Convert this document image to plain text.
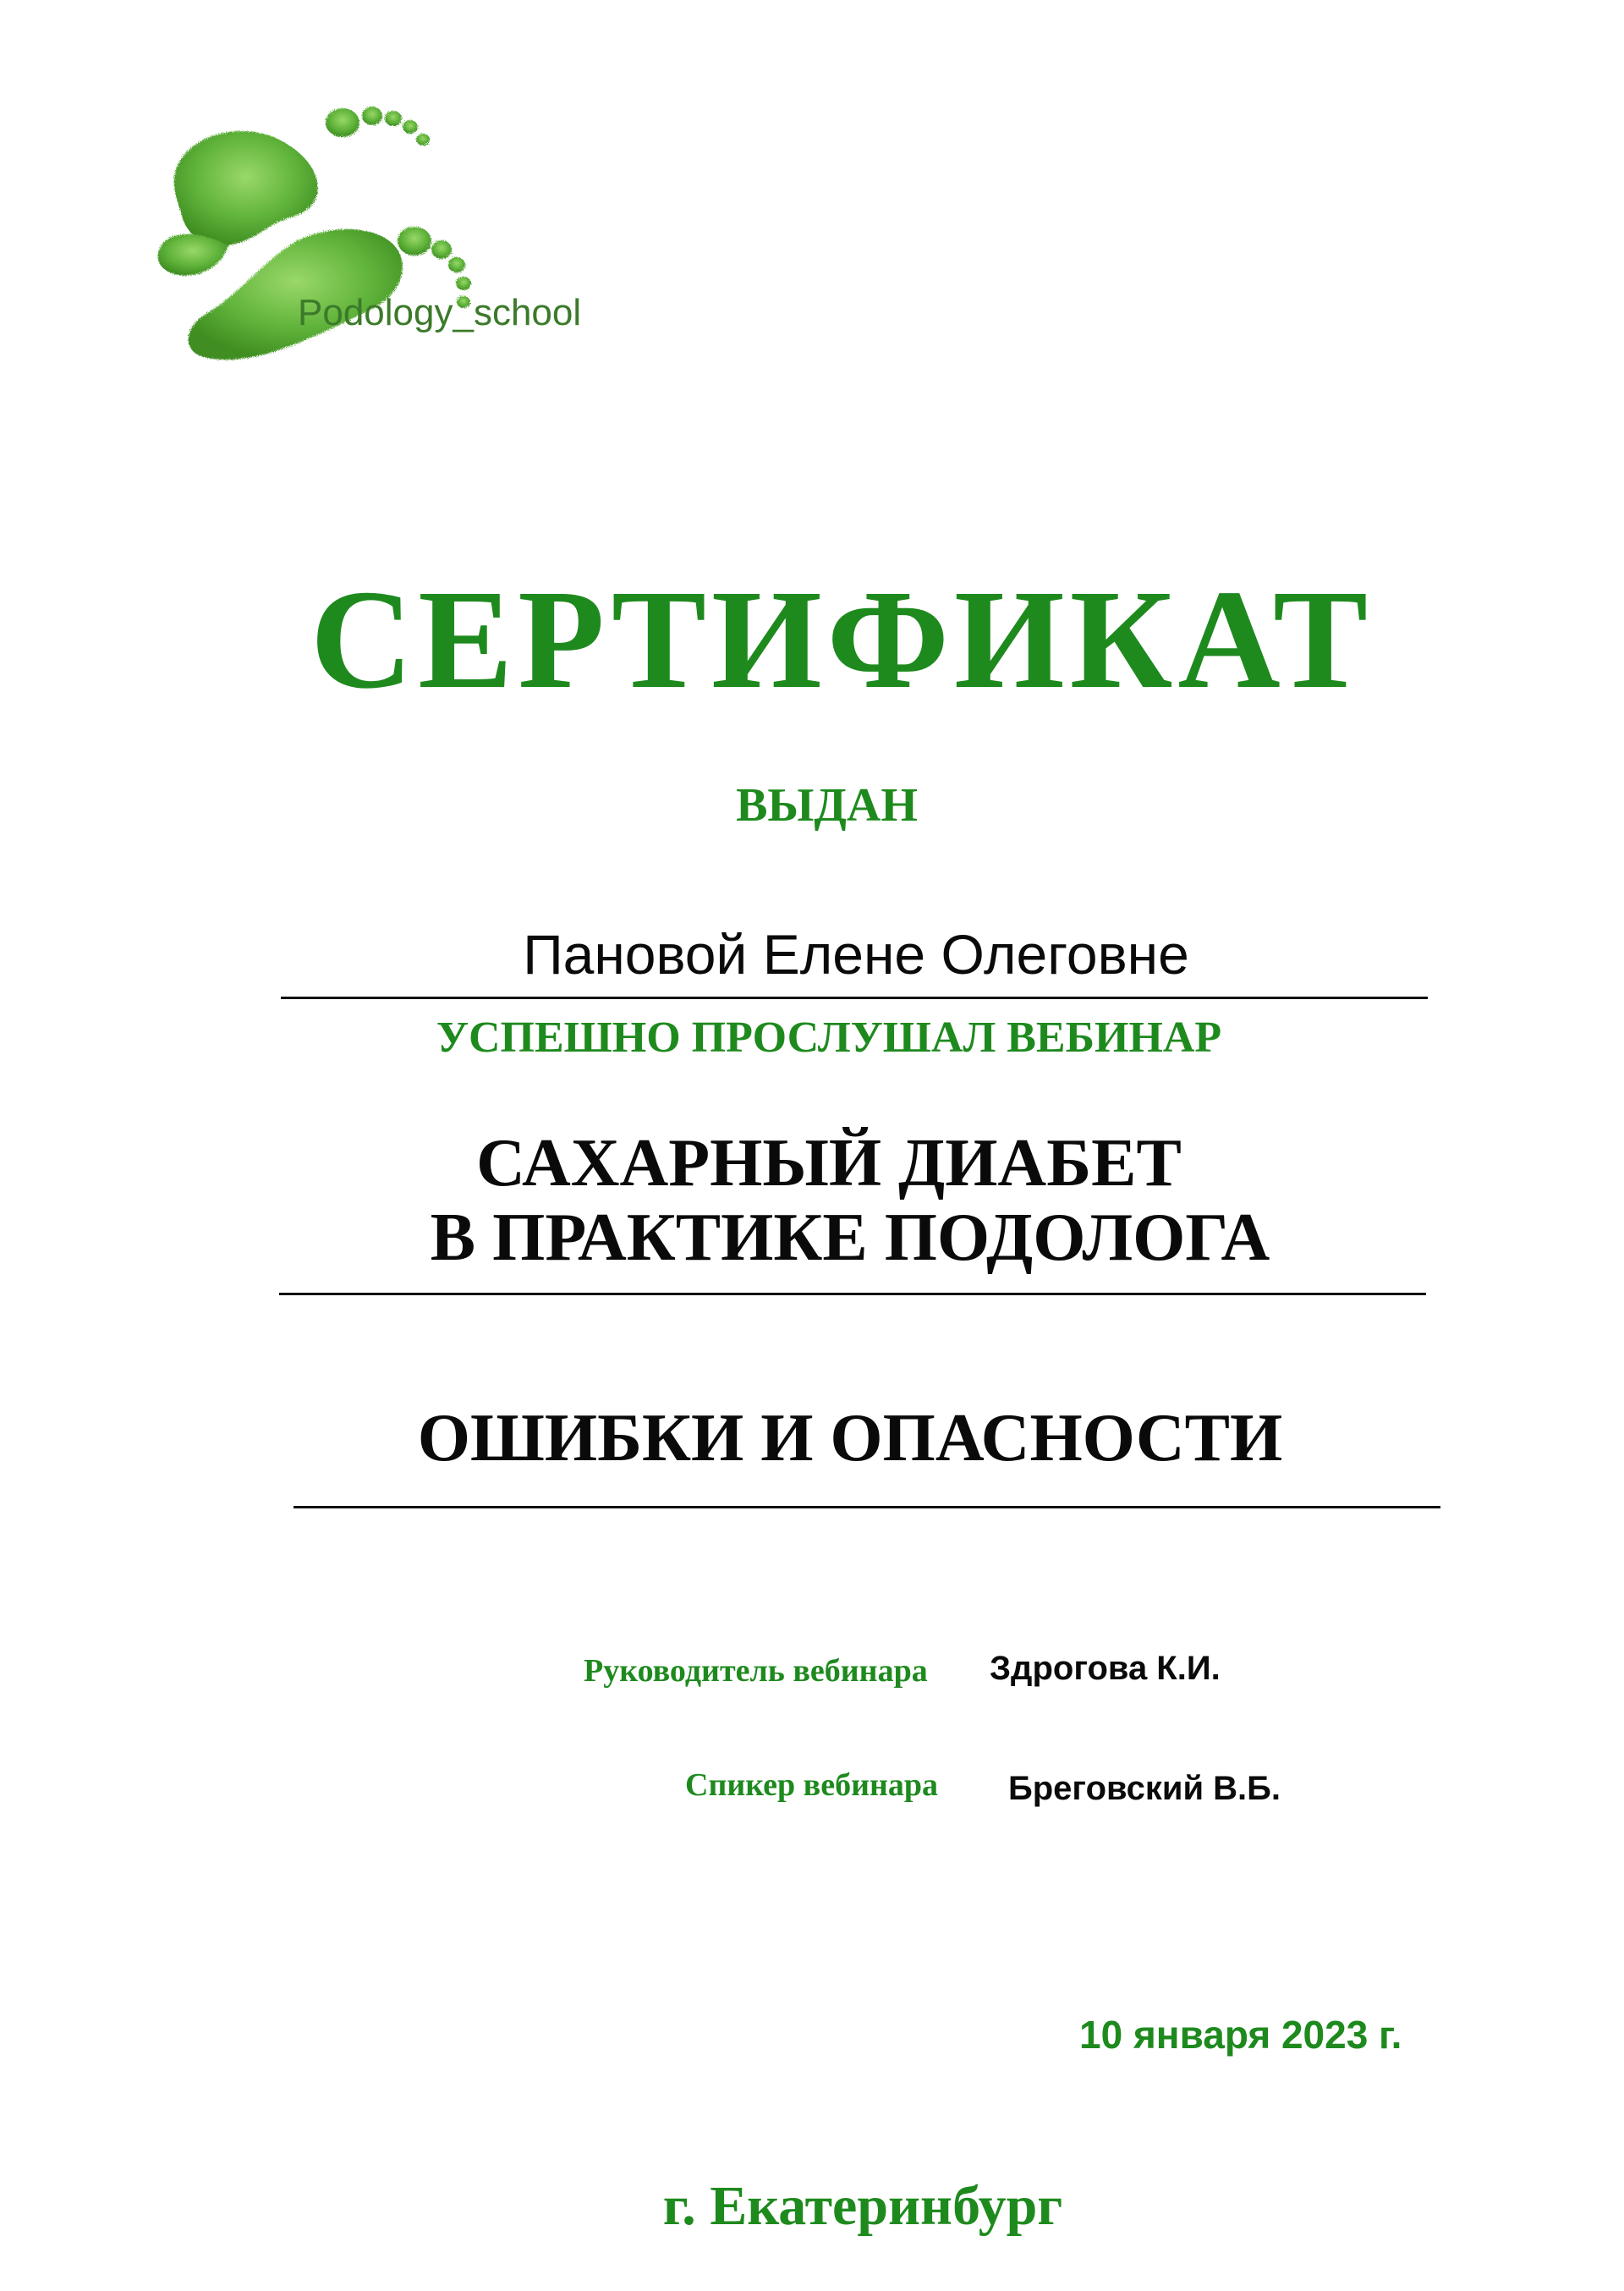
Podology_school
СЕРТИФИКАТ
ВЫДАН
Пановой Елене Олеговне
УСПЕШНО ПРОСЛУШАЛ ВЕБИНАР
САХАРНЫЙ ДИАБЕТ
В ПРАКТИКЕ ПОДОЛОГА
ОШИБКИ И ОПАСНОСТИ
Руководитель вебинара Здрогова К.И.
Спикер вебинара Бреговский В.Б.
10 января 2023 г.
г. Екатеринбург
